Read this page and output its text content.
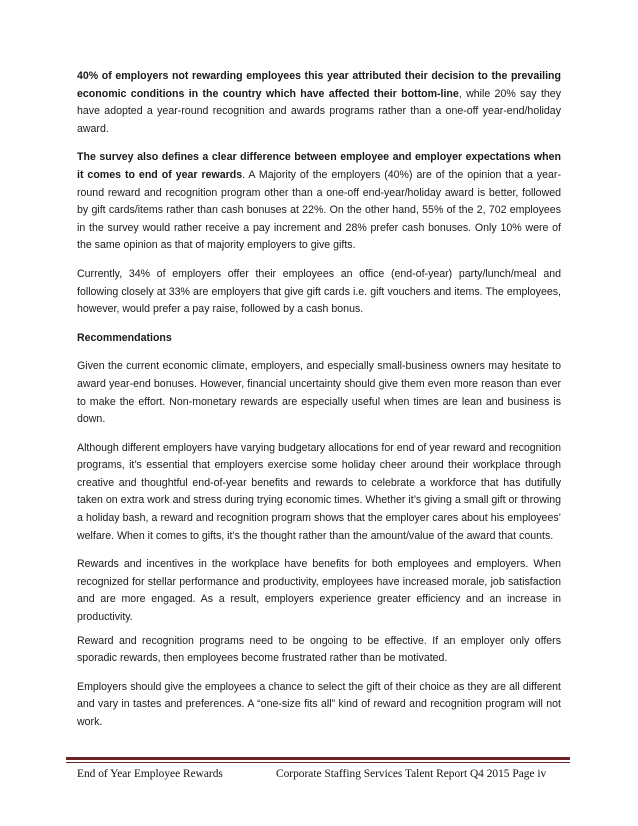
40% of employers not rewarding employees this year attributed their decision to the prevailing economic conditions in the country which have affected their bottom-line, while 20% say they have adopted a year-round recognition and awards programs rather than a one-off year-end/holiday award.

The survey also defines a clear difference between employee and employer expectations when it comes to end of year rewards. A Majority of the employers (40%) are of the opinion that a year-round reward and recognition program other than a one-off end-year/holiday award is better, followed by gift cards/items rather than cash bonuses at 22%. On the other hand, 55% of the 2, 702 employees in the survey would rather receive a pay increment and 28% prefer cash bonuses. Only 10% were of the same opinion as that of majority employers to give gifts.

Currently, 34% of employers offer their employees an office (end-of-year) party/lunch/meal and following closely at 33% are employers that give gift cards i.e. gift vouchers and items. The employees, however, would prefer a pay raise, followed by a cash bonus.

Recommendations

Given the current economic climate, employers, and especially small-business owners may hesitate to award year-end bonuses. However, financial uncertainty should give them even more reason than ever to make the effort. Non-monetary rewards are especially useful when times are lean and business is down.

Although different employers have varying budgetary allocations for end of year reward and recognition programs, it’s essential that employers exercise some holiday cheer around their workplace through creative and thoughtful end-of-year benefits and rewards to celebrate a workforce that has dutifully taken on extra work and stress during trying economic times. Whether it’s giving a small gift or throwing a holiday bash, a reward and recognition program shows that the employer cares about his employees’ welfare. When it comes to gifts, it’s the thought rather than the amount/value of the award that counts.

Rewards and incentives in the workplace have benefits for both employees and employers. When recognized for stellar performance and productivity, employees have increased morale, job satisfaction and are more engaged. As a result, employers experience greater efficiency and an increase in productivity.

Reward and recognition programs need to be ongoing to be effective. If an employer only offers sporadic rewards, then employees become frustrated rather than be motivated.

Employers should give the employees a chance to select the gift of their choice as they are all different and vary in tastes and preferences. A “one-size fits all” kind of reward and recognition program will not work.

End of Year Employee Rewards	Corporate Staffing Services Talent Report Q4 2015 Page iv
